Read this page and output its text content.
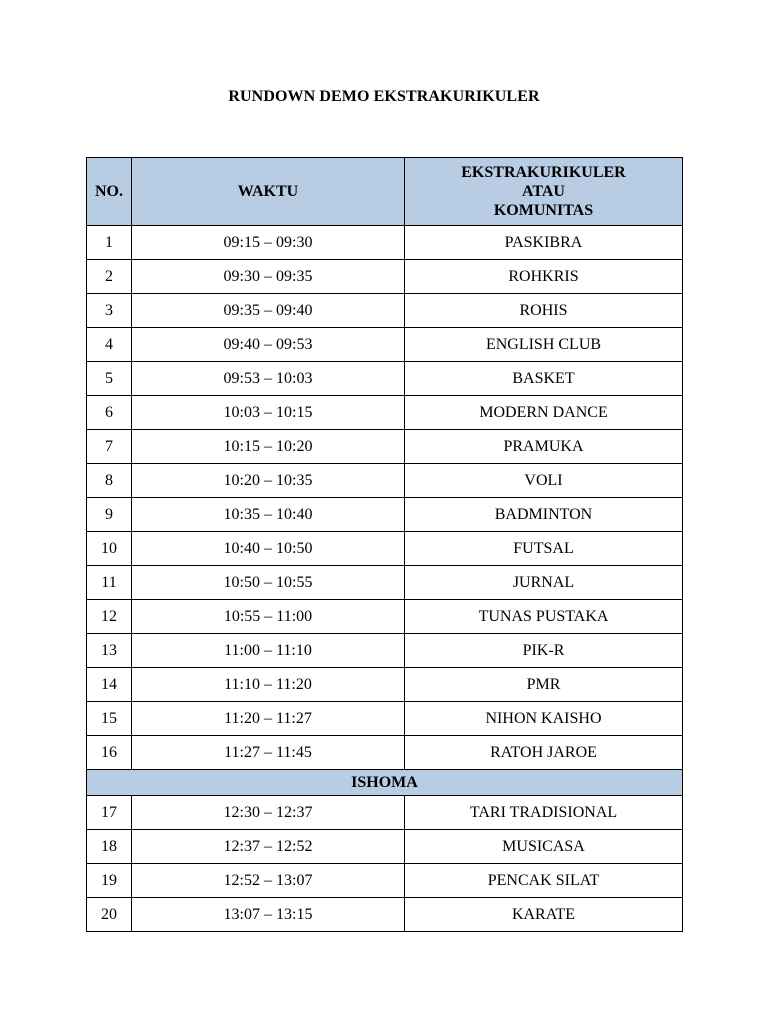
RUNDOWN DEMO EKSTRAKURIKULER
NO.	WAKTU	EKSTRAKURIKULER
ATAU
KOMUNITAS
1	09:15 – 09:30	PASKIBRA
2	09:30 – 09:35	ROHKRIS
3	09:35 – 09:40	ROHIS
4	09:40 – 09:53	ENGLISH CLUB
5	09:53 – 10:03	BASKET
6	10:03 – 10:15	MODERN DANCE
7	10:15 – 10:20	PRAMUKA
8	10:20 – 10:35	VOLI
9	10:35 – 10:40	BADMINTON
10	10:40 – 10:50	FUTSAL
11	10:50 – 10:55	JURNAL
12	10:55 – 11:00	TUNAS PUSTAKA
13	11:00 – 11:10	PIK-R
14	11:10 – 11:20	PMR
15	11:20 – 11:27	NIHON KAISHO
16	11:27 – 11:45	RATOH JAROE
ISHOMA		
17	12:30 – 12:37	TARI TRADISIONAL
18	12:37 – 12:52	MUSICASA
19	12:52 – 13:07	PENCAK SILAT
20	13:07 – 13:15	KARATE
